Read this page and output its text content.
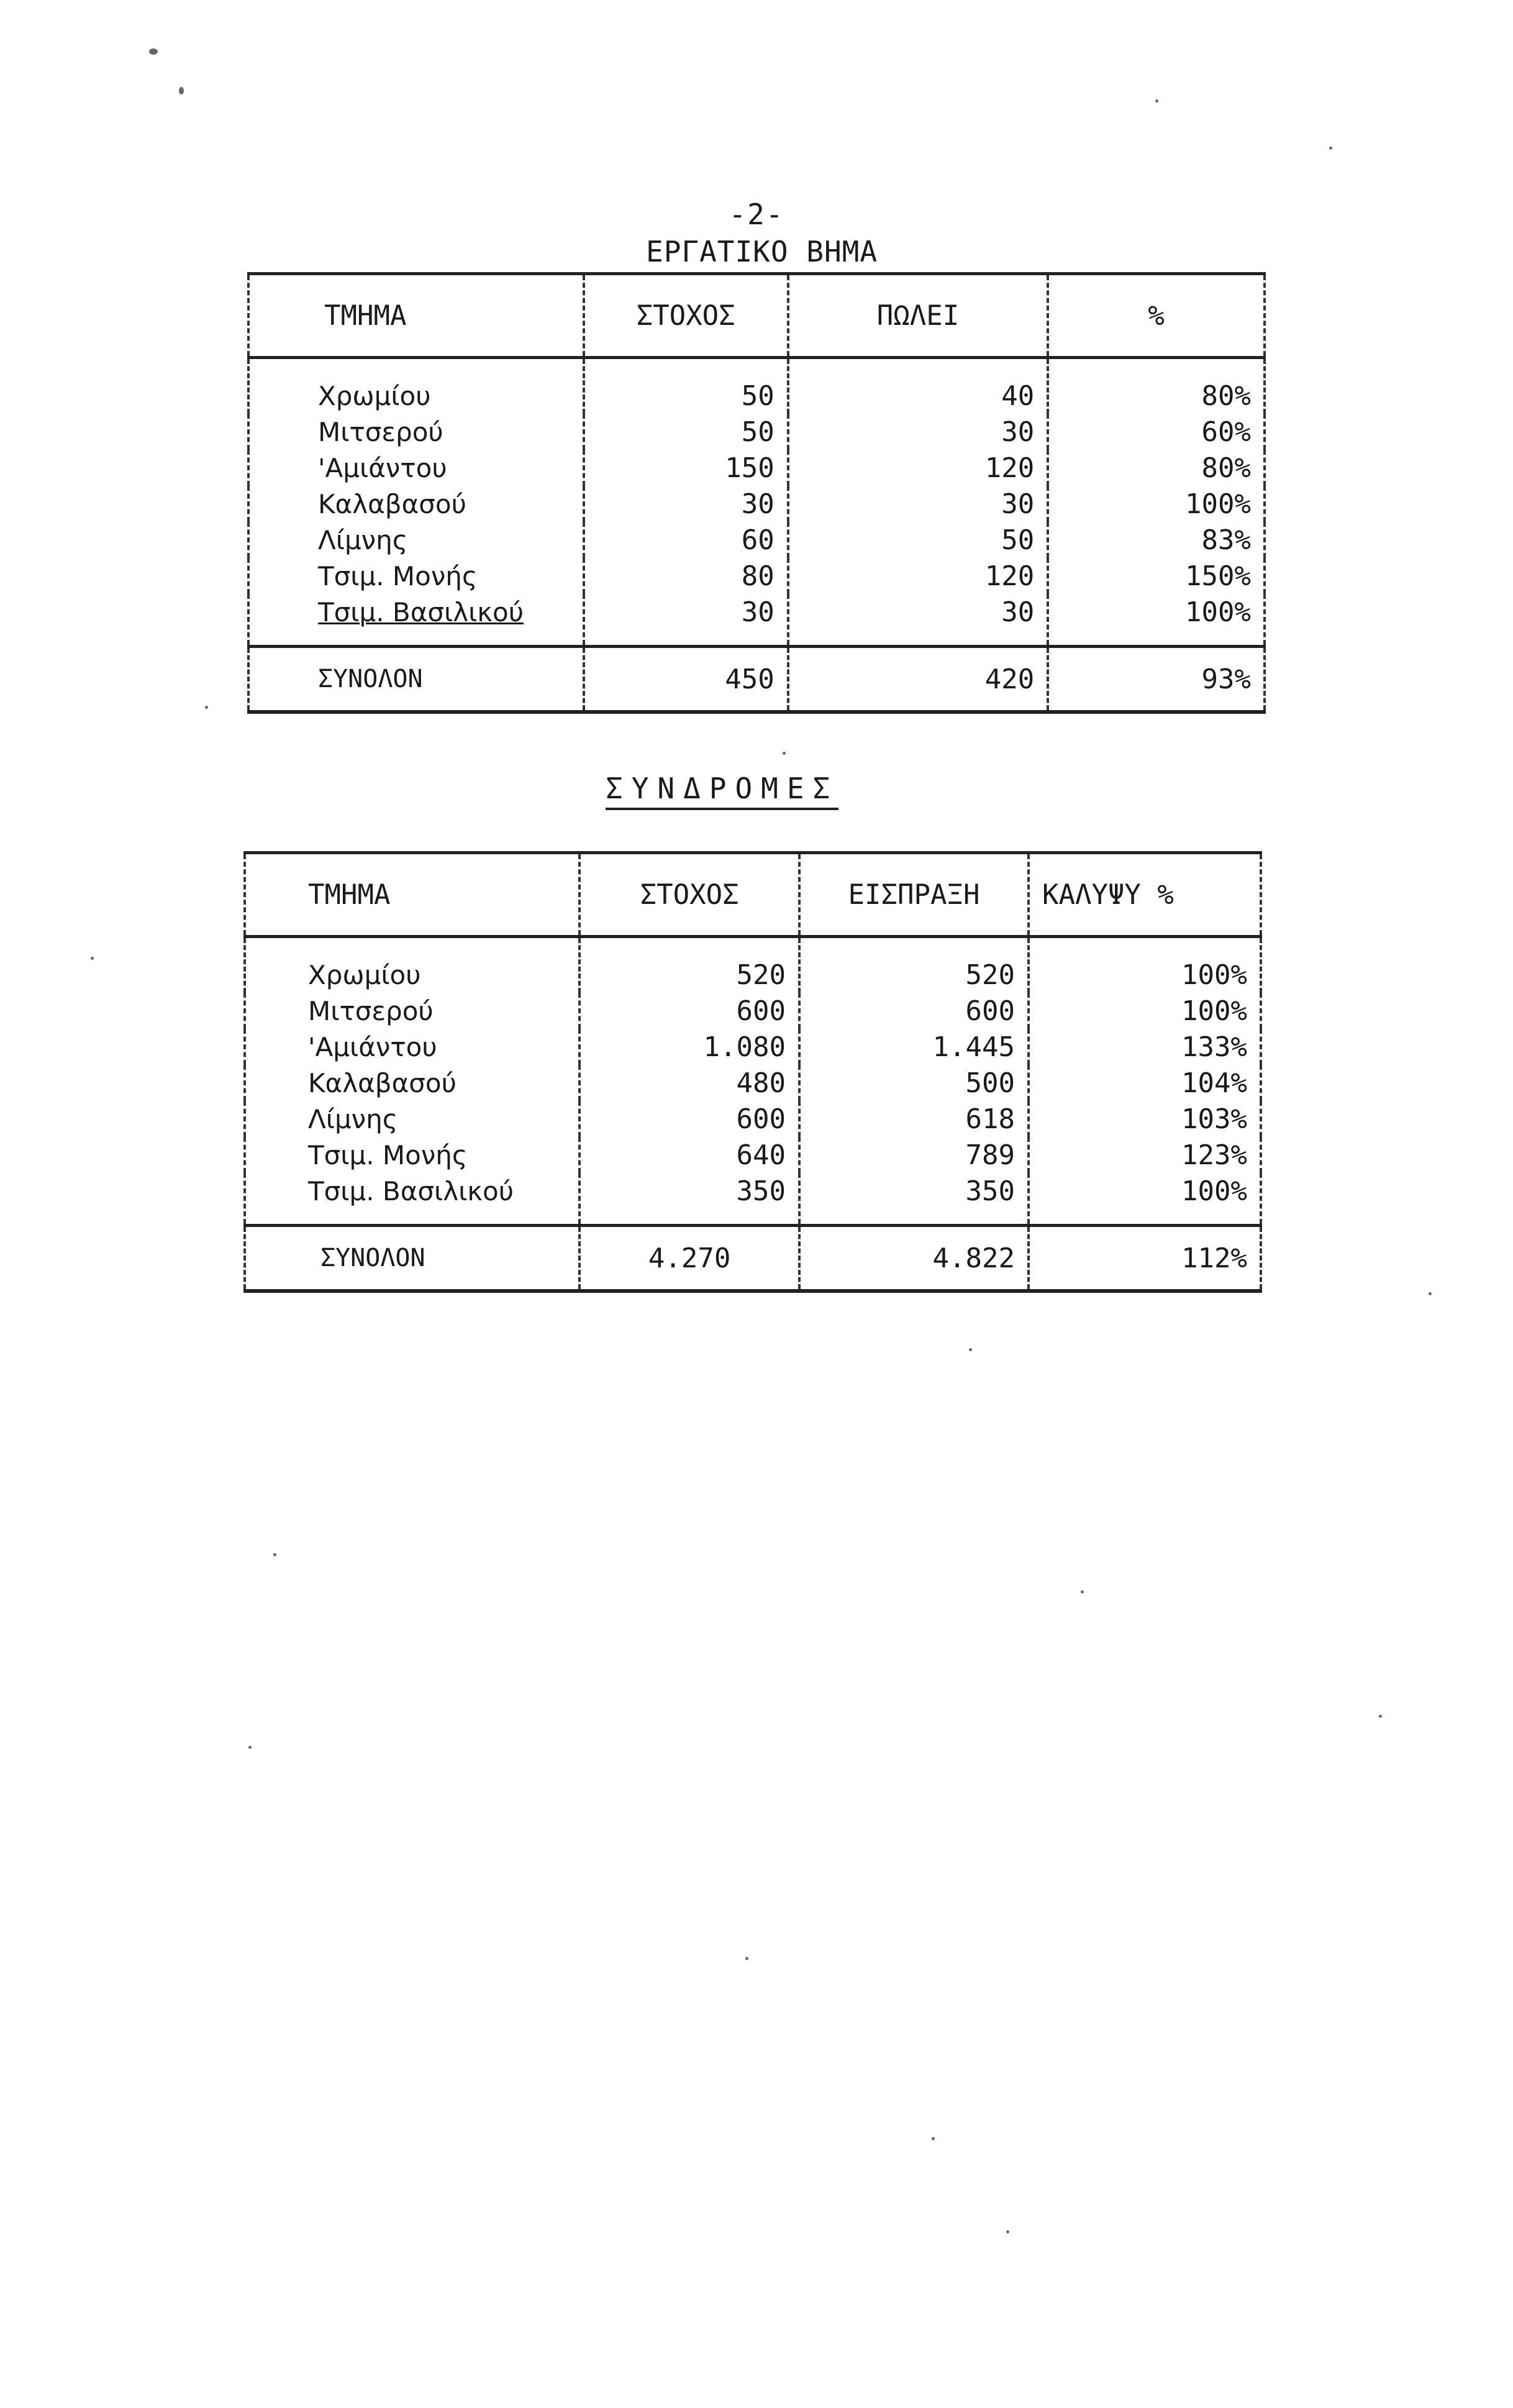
-2-
ΕΡΓΑΤΙΚΟ ΒΗΜΑ
ΤΜΗΜΑ	ΣΤΟΧΟΣ	ΠΩΛΕΙ	%
Χρωμίου	50	40	80%
Μιτσερού	50	30	60%
'Αμιάντου	150	120	80%
Καλαβασού	30	30	100%
Λίμνης	60	50	83%
Τσιμ. Μονής	80	120	150%
Τσιμ. Βασιλικού	30	30	100%
ΣΥΝΟΛΟΝ	450	420	93%
ΣΥΝΔΡΟΜΕΣ
ΤΜΗΜΑ	ΣΤΟΧΟΣ	ΕΙΣΠΡΑΞΗ	ΚΑΛΥΨΥ %
Χρωμίου	520	520	100%
Μιτσερού	600	600	100%
'Αμιάντου	1.080	1.445	133%
Καλαβασού	480	500	104%
Λίμνης	600	618	103%
Τσιμ. Μονής	640	789	123%
Τσιμ. Βασιλικού	350	350	100%
ΣΥΝΟΛΟΝ	4.270	4.822	112%
